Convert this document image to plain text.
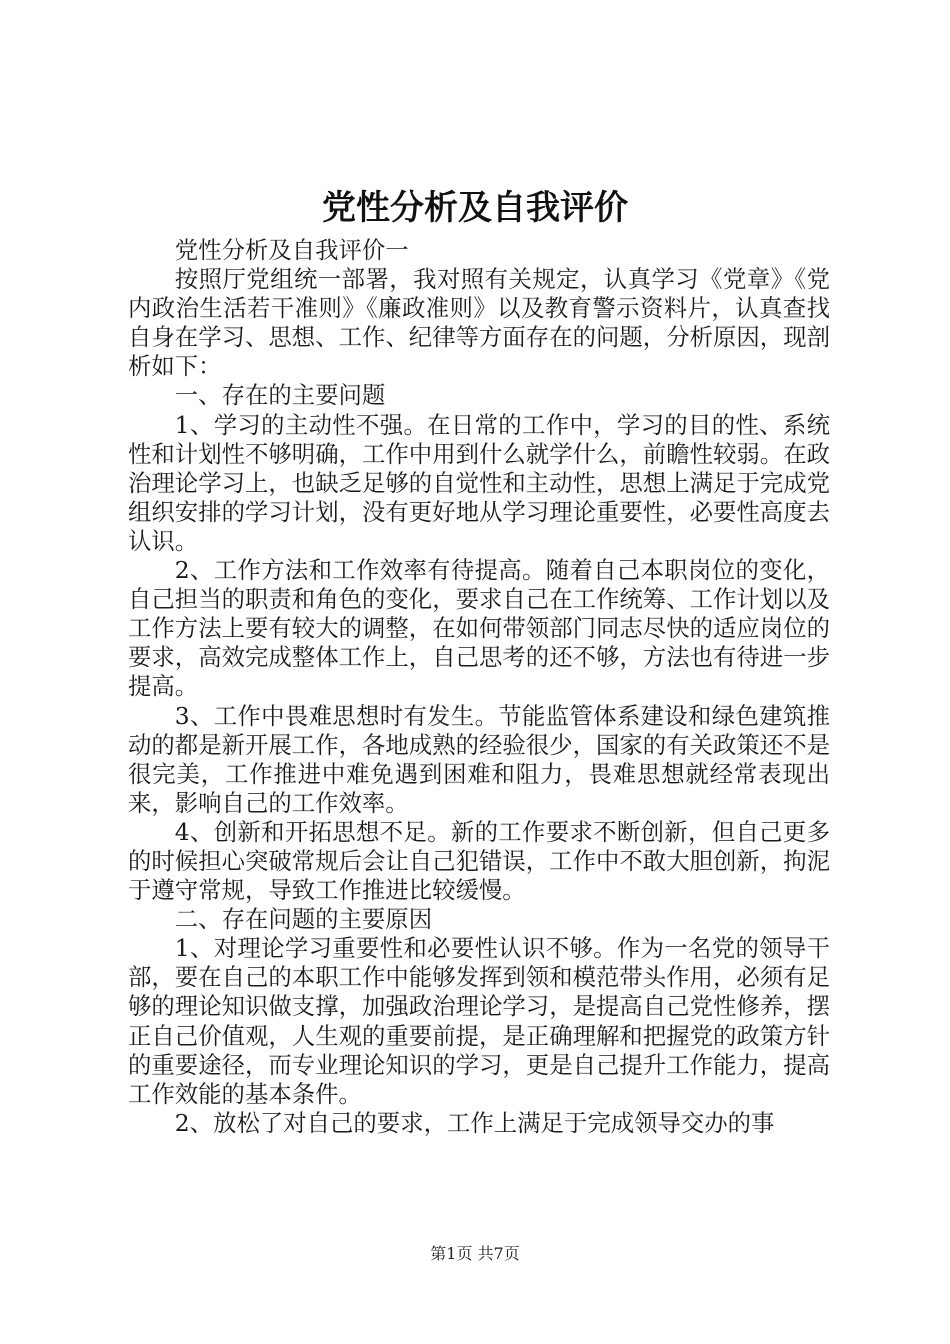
党性分析及自我评价

党性分析及自我评价一

按照厅党组统一部署，我对照有关规定，认真学习《党章》《党内政治生活若干准则》《廉政准则》以及教育警示资料片，认真查找自身在学习、思想、工作、纪律等方面存在的问题，分析原因，现剖析如下：

一、存在的主要问题

1、学习的主动性不强。在日常的工作中，学习的目的性、系统性和计划性不够明确，工作中用到什么就学什么，前瞻性较弱。在政治理论学习上，也缺乏足够的自觉性和主动性，思想上满足于完成党组织安排的学习计划，没有更好地从学习理论重要性，必要性高度去认识。

2、工作方法和工作效率有待提高。随着自己本职岗位的变化，自己担当的职责和角色的变化，要求自己在工作统筹、工作计划以及工作方法上要有较大的调整，在如何带领部门同志尽快的适应岗位的要求，高效完成整体工作上，自己思考的还不够，方法也有待进一步提高。

3、工作中畏难思想时有发生。节能监管体系建设和绿色建筑推动的都是新开展工作，各地成熟的经验很少，国家的有关政策还不是很完美，工作推进中难免遇到困难和阻力，畏难思想就经常表现出来，影响自己的工作效率。

4、创新和开拓思想不足。新的工作要求不断创新，但自己更多的时候担心突破常规后会让自己犯错误，工作中不敢大胆创新，拘泥于遵守常规，导致工作推进比较缓慢。

二、存在问题的主要原因

1、对理论学习重要性和必要性认识不够。作为一名党的领导干部，要在自己的本职工作中能够发挥到领和模范带头作用，必须有足够的理论知识做支撑，加强政治理论学习，是提高自己党性修养，摆正自己价值观，人生观的重要前提，是正确理解和把握党的政策方针的重要途径，而专业理论知识的学习，更是自己提升工作能力，提高工作效能的基本条件。

2、放松了对自己的要求，工作上满足于完成领导交办的事

第1页 共7页
